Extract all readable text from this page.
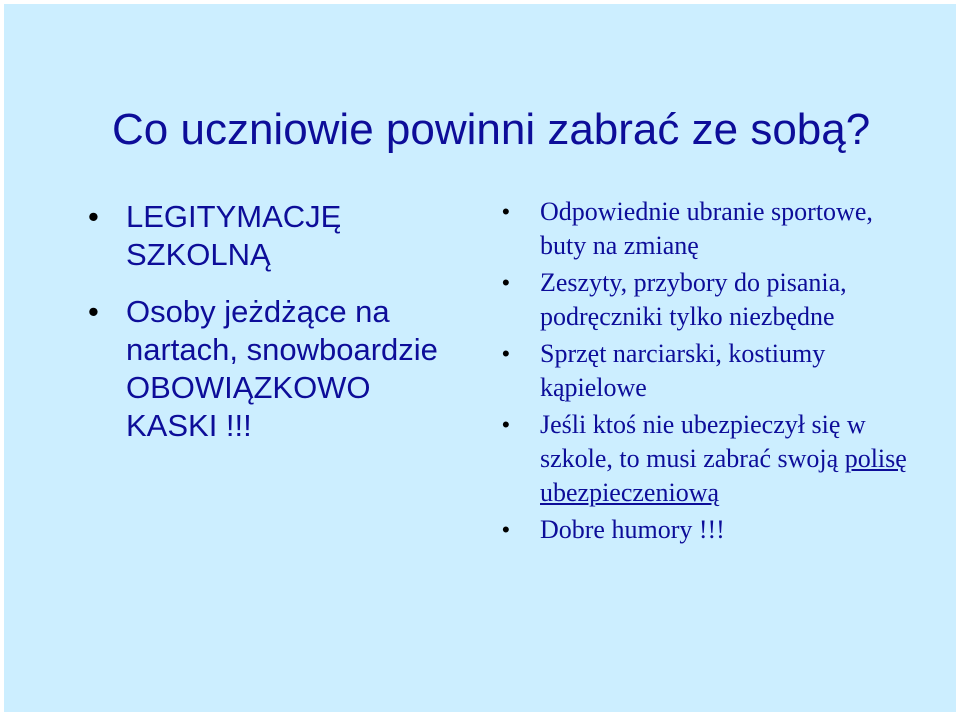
Co uczniowie powinni zabrać ze sobą?
• LEGITYMACJĘ SZKOLNĄ
• Osoby jeżdżące na nartach, snowboardzie OBOWIĄZKOWO KASKI !!!
• Odpowiednie ubranie sportowe, buty na zmianę
• Zeszyty, przybory do pisania, podręczniki tylko niezbędne
• Sprzęt narciarski, kostiumy kąpielowe
• Jeśli ktoś nie ubezpieczył się w szkole, to musi zabrać swoją polisę ubezpieczeniową
• Dobre humory !!!
